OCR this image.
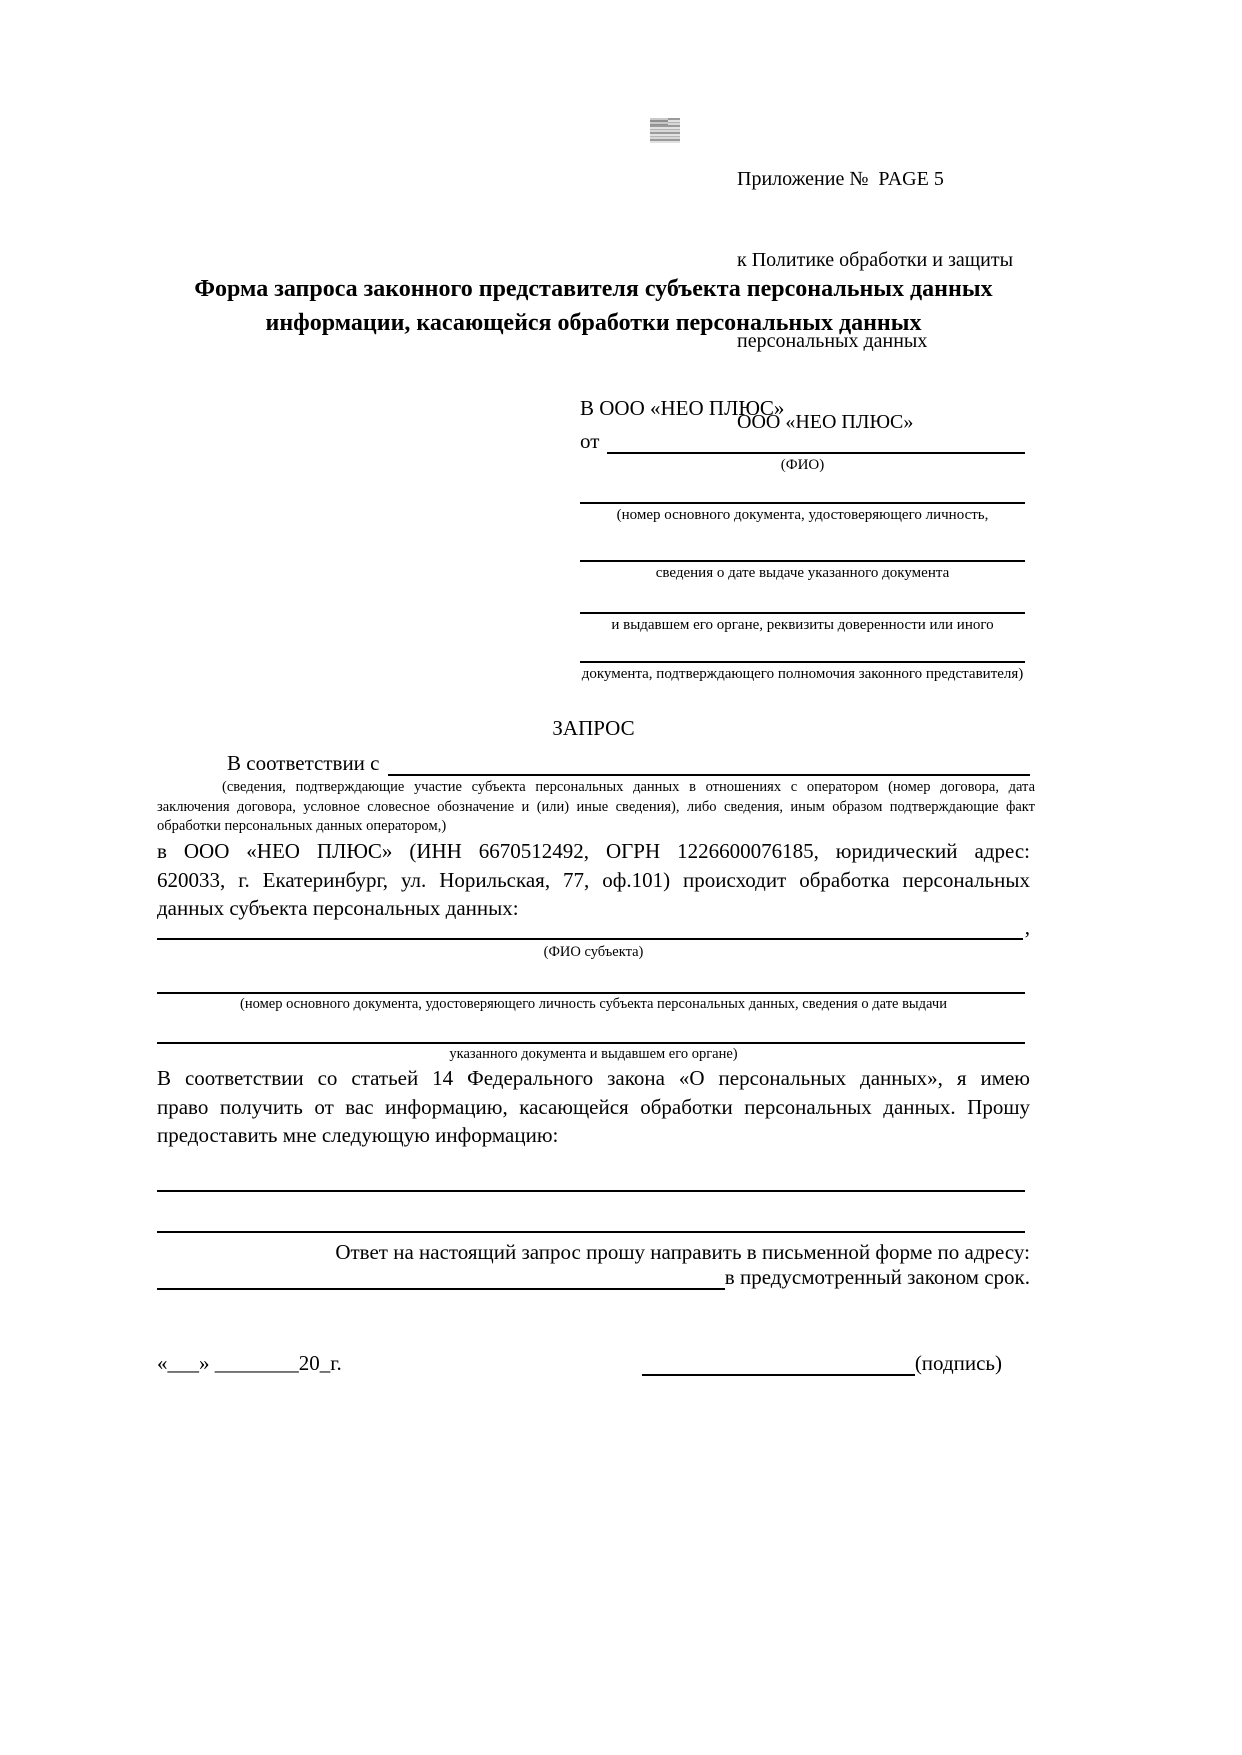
Приложение №  PAGE 5

к Политике обработки и защиты

персональных данных

ООО «НЕО ПЛЮС»

Форма запроса законного представителя субъекта персональных данных
информации, касающейся обработки персональных данных
В ООО «НЕО ПЛЮС»
от
(ФИО)
(номер основного документа, удостоверяющего личность,
сведения о дате выдаче указанного документа
и выдавшем его органе, реквизиты доверенности или иного
документа, подтверждающего полномочия законного представителя)
ЗАПРОС
В соответствии с
(сведения, подтверждающие участие субъекта персональных данных в отношениях с оператором (номер договора, дата
заключения договора, условное словесное обозначение и (или) иные сведения), либо сведения, иным образом подтверждающие факт
обработки персональных данных оператором,)
в ООО «НЕО ПЛЮС» (ИНН 6670512492, ОГРН 1226600076185, юридический адрес:
620033, г. Екатеринбург, ул. Норильская, 77, оф.101) происходит обработка персональных
данных субъекта персональных данных:
,
(ФИО субъекта)
(номер основного документа, удостоверяющего личность субъекта персональных данных, сведения о дате выдачи
указанного документа и выдавшем его органе)
В соответствии со статьей 14 Федерального закона «О персональных данных», я имею
право получить от вас информацию, касающейся обработки персональных данных. Прошу
предоставить мне следующую информацию:
Ответ на настоящий запрос прошу направить в письменной форме по адресу:
в предусмотренный законом срок.
«___» ________20_г.	(подпись)
